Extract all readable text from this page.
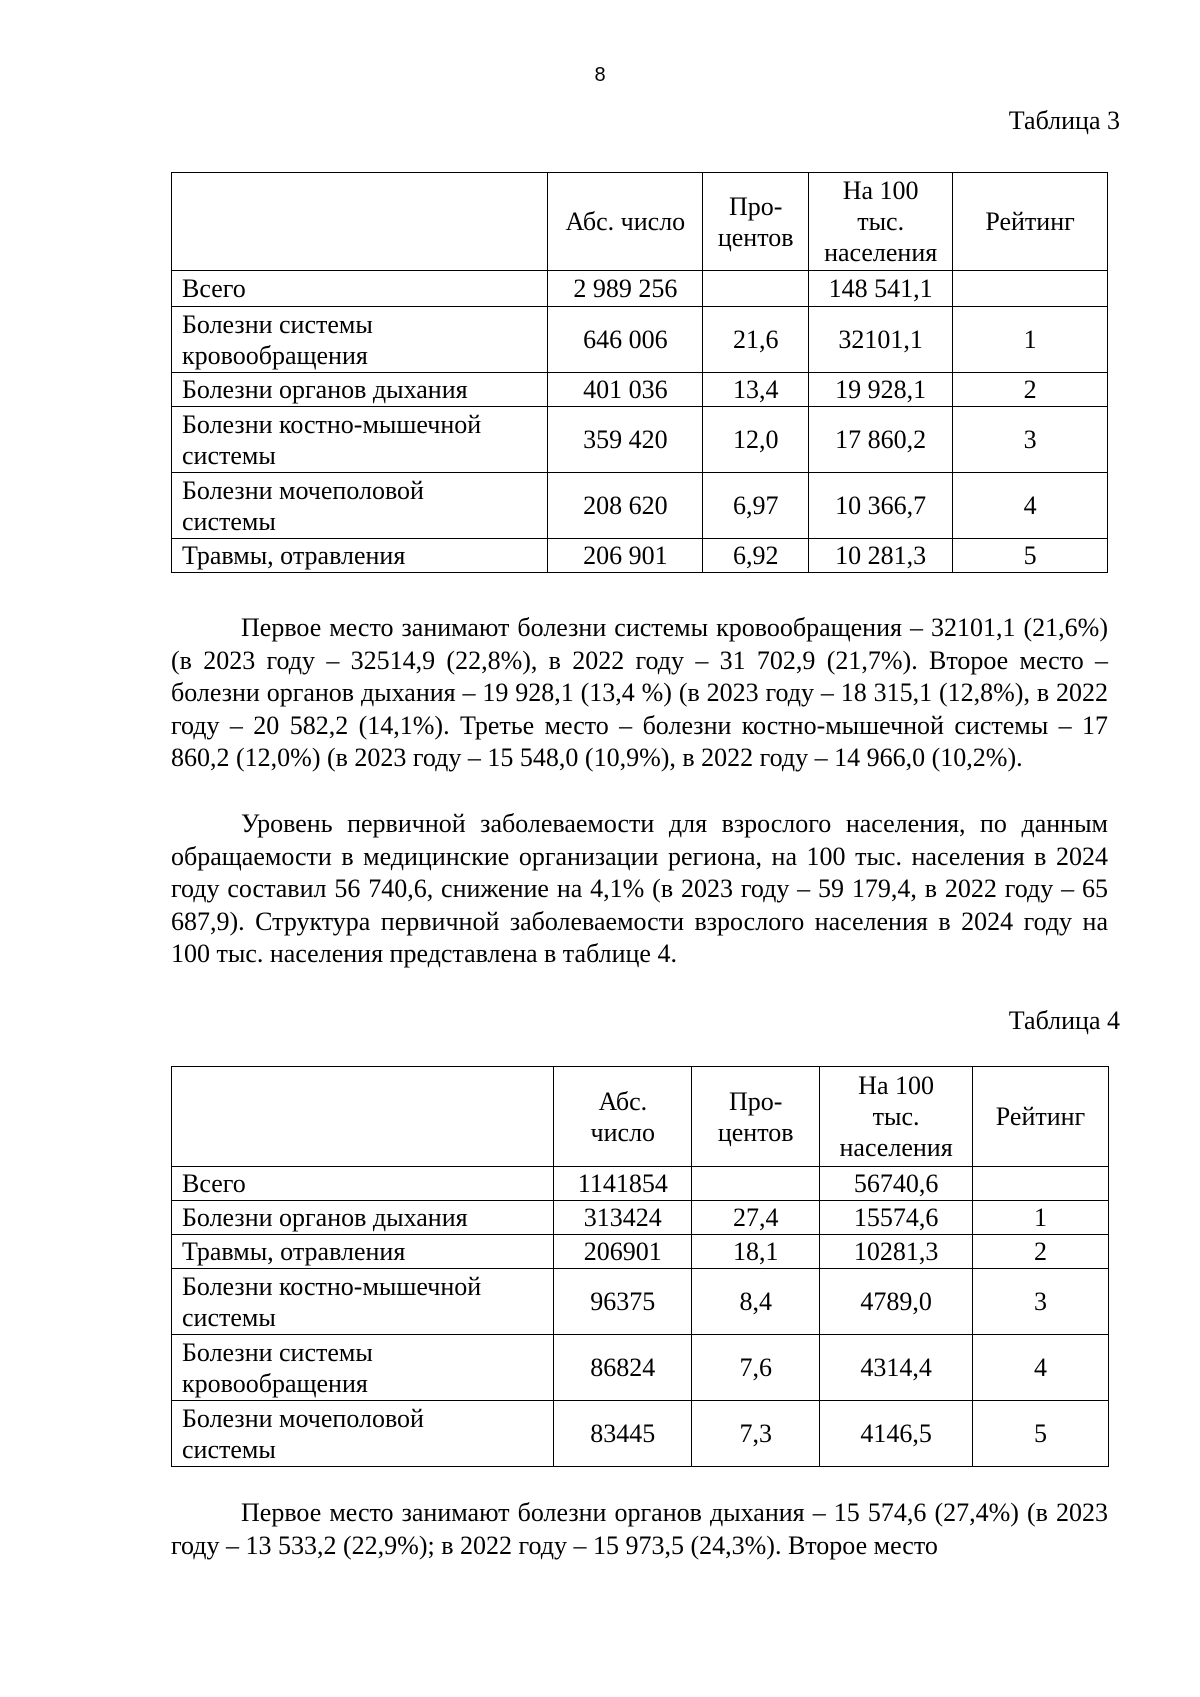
8
Таблица 3
	Абс. число	Про-
центов	На 100
тыс.
населения	Рейтинг
Всего	2 989 256		148 541,1	
Болезни системы
кровообращения	646 006	21,6	32101,1	1
Болезни органов дыхания	401 036	13,4	19 928,1	2
Болезни костно-мышечной
системы	359 420	12,0	17 860,2	3
Болезни мочеполовой
системы	208 620	6,97	10 366,7	4
Травмы, отравления	206 901	6,92	10 281,3	5

Первое место занимают болезни системы кровообращения – 32101,1 (21,6%) (в 2023 году – 32514,9 (22,8%), в 2022 году – 31 702,9 (21,7%). Второе место – болезни органов дыхания – 19 928,1 (13,4 %) (в 2023 году – 18 315,1 (12,8%), в 2022 году – 20 582,2 (14,1%). Третье место – болезни костно-мышечной системы – 17 860,2 (12,0%) (в 2023 году – 15 548,0 (10,9%), в 2022 году – 14 966,0 (10,2%).

Уровень первичной заболеваемости для взрослого населения, по данным обращаемости в медицинские организации региона, на 100 тыс. населения в 2024 году составил 56 740,6, снижение на 4,1% (в 2023 году – 59 179,4, в 2022 году – 65 687,9). Структура первичной заболеваемости взрослого населения в 2024 году на 100 тыс. населения представлена в таблице 4.

Таблица 4
	Абс.
число	Про-
центов	На 100
тыс.
населения	Рейтинг
Всего	1141854		56740,6	
Болезни органов дыхания	313424	27,4	15574,6	1
Травмы, отравления	206901	18,1	10281,3	2
Болезни костно-мышечной
системы	96375	8,4	4789,0	3
Болезни системы
кровообращения	86824	7,6	4314,4	4
Болезни мочеполовой
системы	83445	7,3	4146,5	5

Первое место занимают болезни органов дыхания – 15 574,6 (27,4%) (в 2023 году – 13 533,2 (22,9%); в 2022 году – 15 973,5 (24,3%). Второе место
